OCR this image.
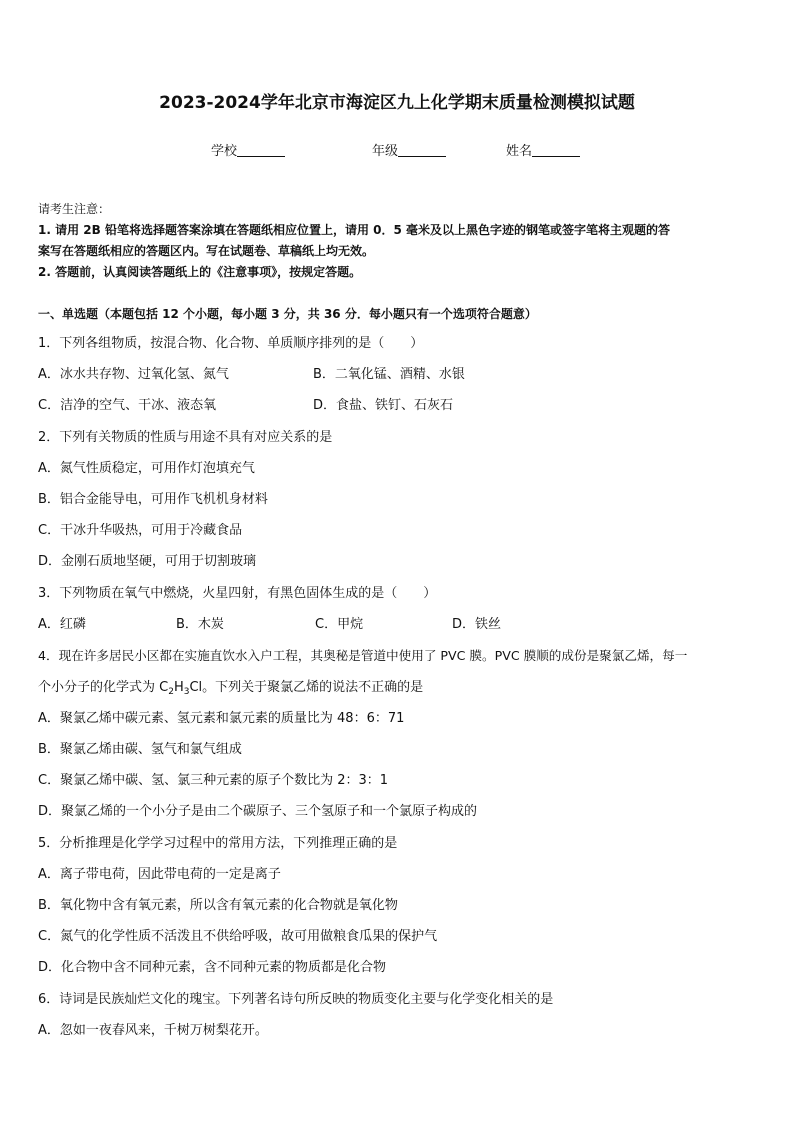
2023-2024学年北京市海淀区九上化学期末质量检测模拟试题
学校	年级	姓名
请考生注意：
1. 请用 2B 铅笔将选择题答案涂填在答题纸相应位置上，请用 0．5 毫米及以上黑色字迹的钢笔或签字笔将主观题的答
案写在答题纸相应的答题区内。写在试题卷、草稿纸上均无效。
2. 答题前，认真阅读答题纸上的《注意事项》，按规定答题。
一、单选题（本题包括 12 个小题，每小题 3 分，共 36 分．每小题只有一个选项符合题意）
1．下列各组物质，按混合物、化合物、单质顺序排列的是（　　）
A．冰水共存物、过氧化氢、氮气	B．二氧化锰、酒精、水银
C．洁净的空气、干冰、液态氧	D．食盐、铁钉、石灰石
2．下列有关物质的性质与用途不具有对应关系的是
A．氮气性质稳定，可用作灯泡填充气
B．铝合金能导电，可用作飞机机身材料
C．干冰升华吸热，可用于冷藏食品
D．金刚石质地坚硬，可用于切割玻璃
3．下列物质在氧气中燃烧，火星四射，有黑色固体生成的是（　　）
A．红磷	B．木炭	C．甲烷	D．铁丝
4．现在许多居民小区都在实施直饮水入户工程，其奥秘是管道中使用了 PVC 膜。PVC 膜顺的成份是聚氯乙烯，每一
个小分子的化学式为 $C_2H_3Cl$。下列关于聚氯乙烯的说法不正确的是
A．聚氯乙烯中碳元素、氢元素和氯元素的质量比为 48：6：71
B．聚氯乙烯由碳、氢气和氯气组成
C．聚氯乙烯中碳、氢、氯三种元素的原子个数比为 2：3：1
D．聚氯乙烯的一个小分子是由二个碳原子、三个氢原子和一个氯原子构成的
5．分析推理是化学学习过程中的常用方法，下列推理正确的是
A．离子带电荷，因此带电荷的一定是离子
B．氧化物中含有氧元素，所以含有氧元素的化合物就是氧化物
C．氮气的化学性质不活泼且不供给呼吸，故可用做粮食瓜果的保护气
D．化合物中含不同种元素，含不同种元素的物质都是化合物
6．诗词是民族灿烂文化的瑰宝。下列著名诗句所反映的物质变化主要与化学变化相关的是
A．忽如一夜春风来，千树万树梨花开。
